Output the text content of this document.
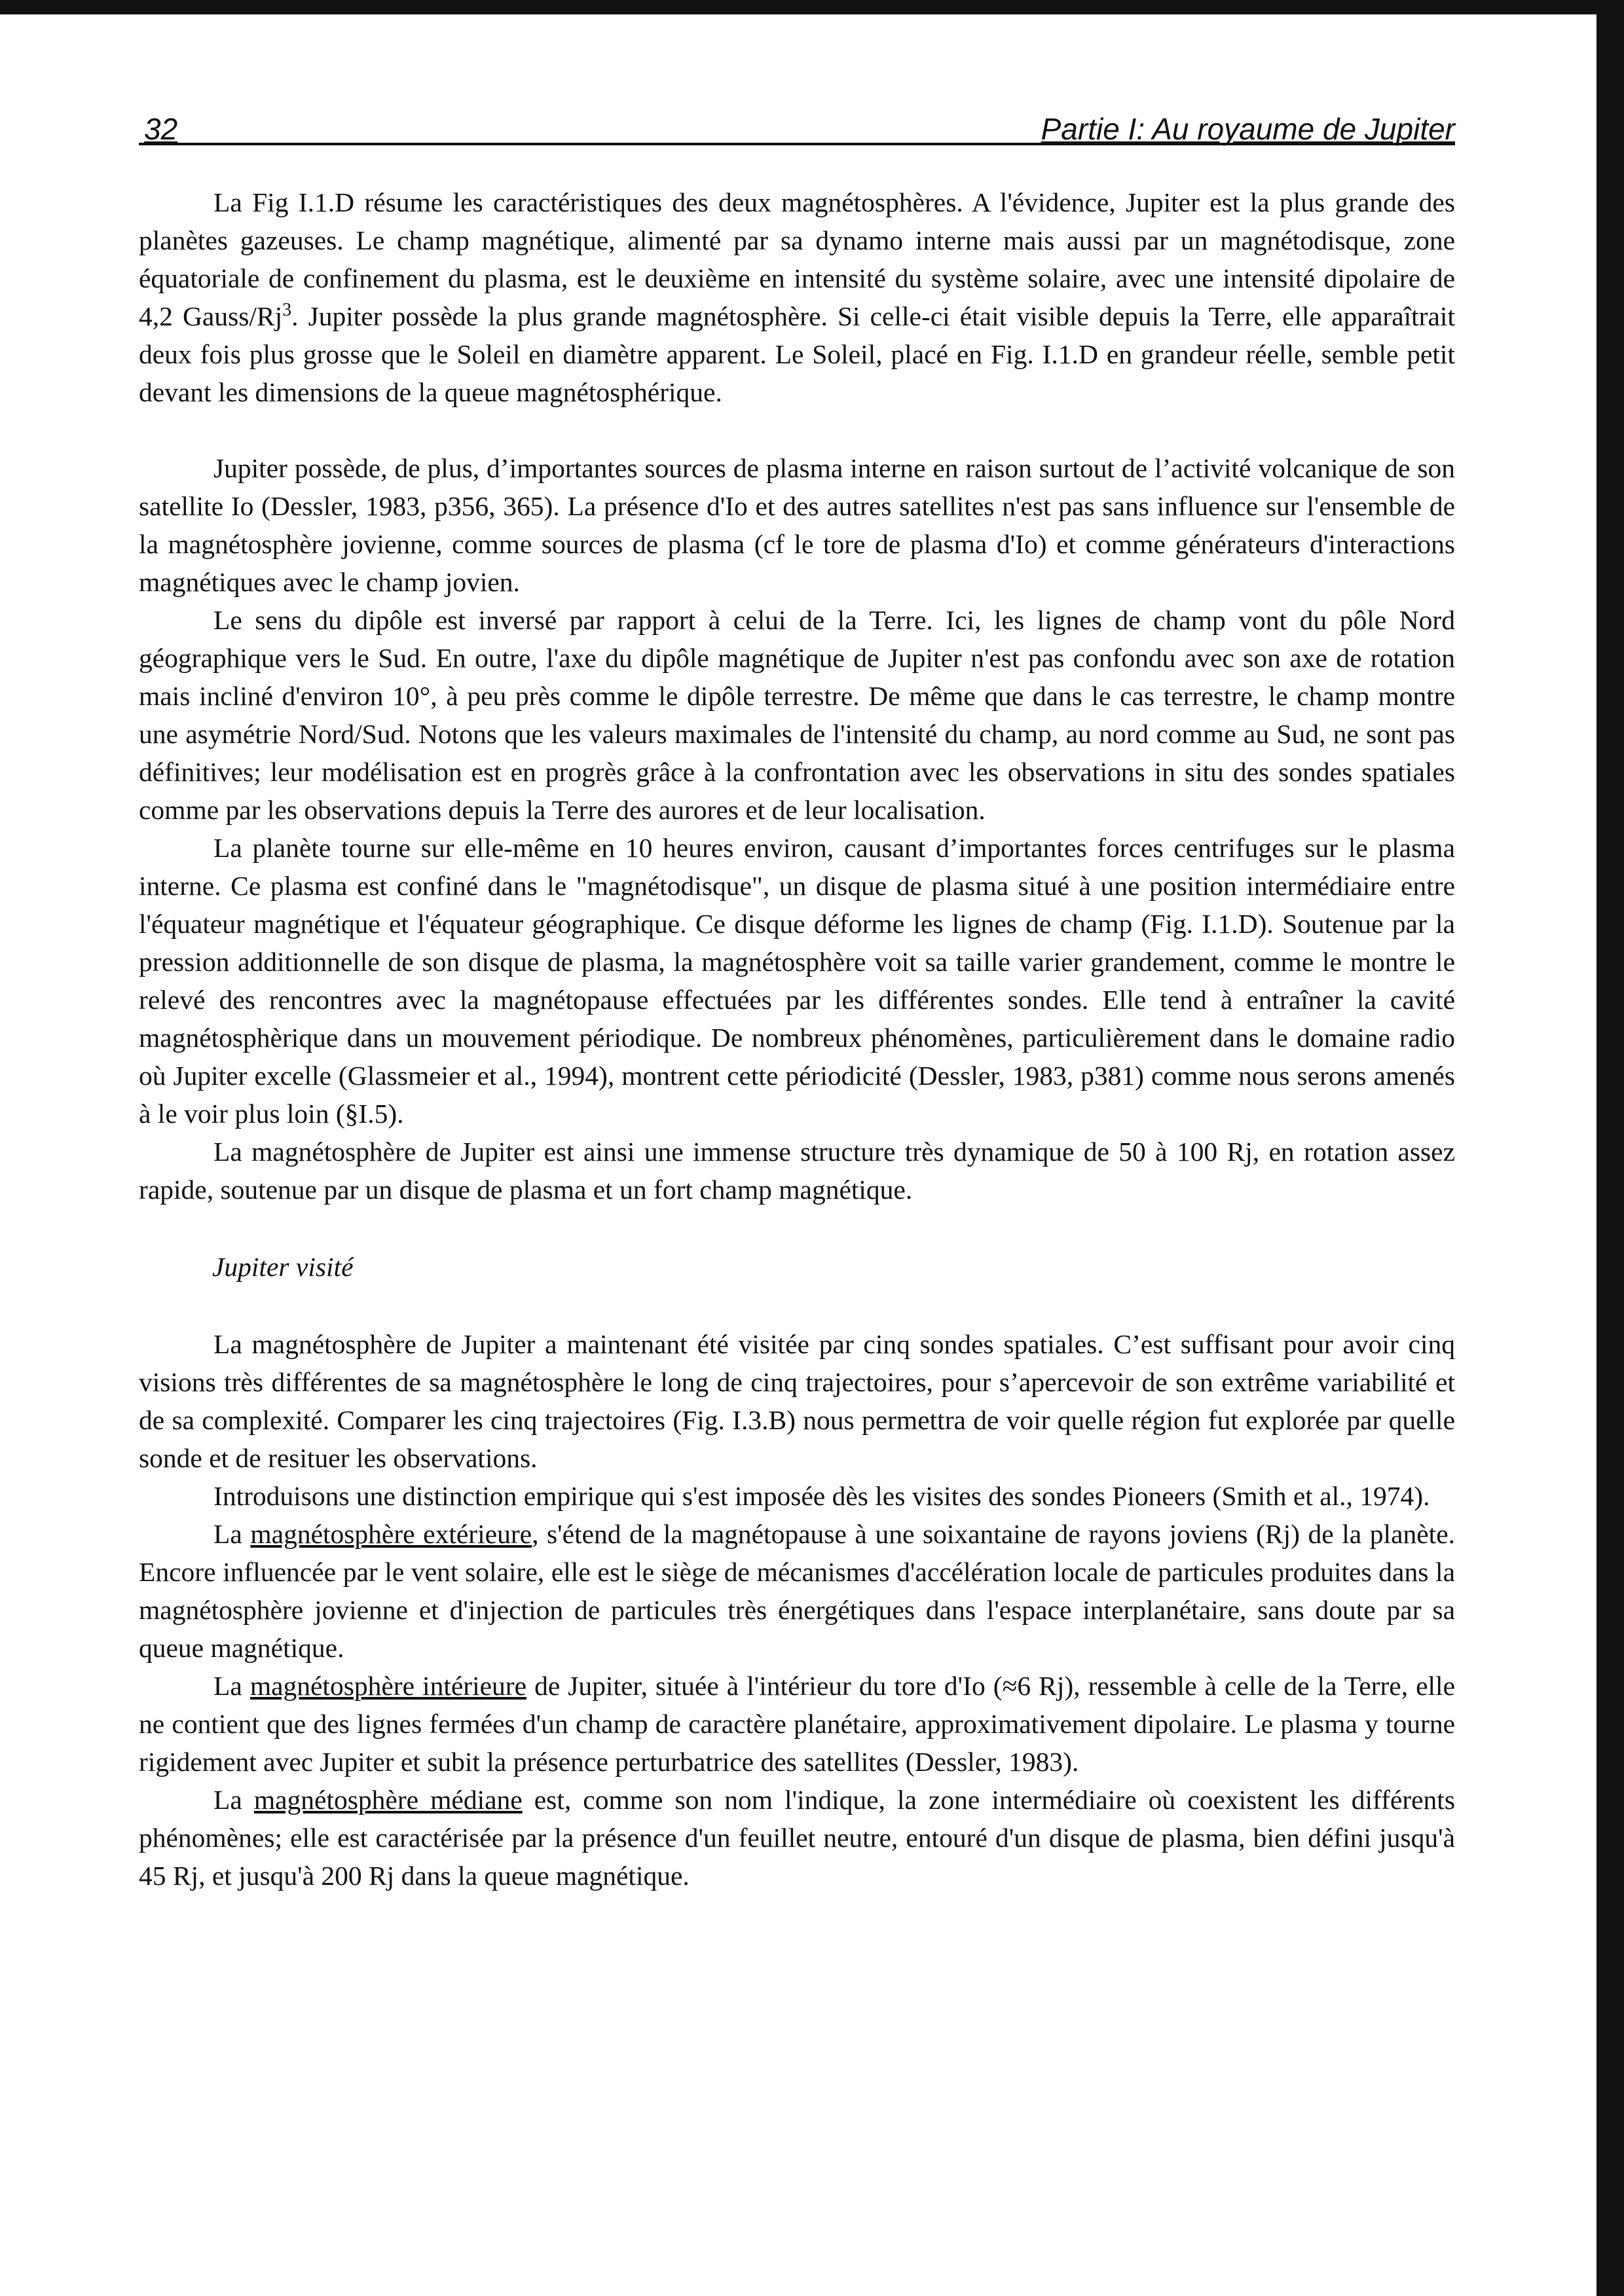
32	Partie I: Au royaume de Jupiter

La Fig I.1.D résume les caractéristiques des deux magnétosphères. A l'évidence, Jupiter est la plus grande des planètes gazeuses. Le champ magnétique, alimenté par sa dynamo interne mais aussi par un magnétodisque, zone équatoriale de confinement du plasma, est le deuxième en intensité du système solaire, avec une intensité dipolaire de 4,2 Gauss/Rj$^3$. Jupiter possède la plus grande magnétosphère. Si celle-ci était visible depuis la Terre, elle apparaîtrait deux fois plus grosse que le Soleil en diamètre apparent. Le Soleil, placé en Fig. I.1.D en grandeur réelle, semble petit devant les dimensions de la queue magnétosphérique.

Jupiter possède, de plus, d’importantes sources de plasma interne en raison surtout de l’activité volcanique de son satellite Io (Dessler, 1983, p356, 365). La présence d'Io et des autres satellites n'est pas sans influence sur l'ensemble de la magnétosphère jovienne, comme sources de plasma (cf le tore de plasma d'Io) et comme générateurs d'interactions magnétiques avec le champ jovien.

Le sens du dipôle est inversé par rapport à celui de la Terre. Ici, les lignes de champ vont du pôle Nord géographique vers le Sud. En outre, l'axe du dipôle magnétique de Jupiter n'est pas confondu avec son axe de rotation mais incliné d'environ 10°, à peu près comme le dipôle terrestre. De même que dans le cas terrestre, le champ montre une asymétrie Nord/Sud. Notons que les valeurs maximales de l'intensité du champ, au nord comme au Sud, ne sont pas définitives; leur modélisation est en progrès grâce à la confrontation avec les observations in situ des sondes spatiales comme par les observations depuis la Terre des aurores et de leur localisation.

La planète tourne sur elle-même en 10 heures environ, causant d’importantes forces centrifuges sur le plasma interne. Ce plasma est confiné dans le "magnétodisque", un disque de plasma situé à une position intermédiaire entre l'équateur magnétique et l'équateur géographique. Ce disque déforme les lignes de champ (Fig. I.1.D). Soutenue par la pression additionnelle de son disque de plasma, la magnétosphère voit sa taille varier grandement, comme le montre le relevé des rencontres avec la magnétopause effectuées par les différentes sondes. Elle tend à entraîner la cavité magnétosphèrique dans un mouvement périodique. De nombreux phénomènes, particulièrement dans le domaine radio où Jupiter excelle (Glassmeier et al., 1994), montrent cette périodicité (Dessler, 1983, p381) comme nous serons amenés à le voir plus loin (§I.5).

La magnétosphère de Jupiter est ainsi une immense structure très dynamique de 50 à 100 Rj, en rotation assez rapide, soutenue par un disque de plasma et un fort champ magnétique.

Jupiter visité

La magnétosphère de Jupiter a maintenant été visitée par cinq sondes spatiales. C’est suffisant pour avoir cinq visions très différentes de sa magnétosphère le long de cinq trajectoires, pour s’apercevoir de son extrême variabilité et de sa complexité. Comparer les cinq trajectoires (Fig. I.3.B) nous permettra de voir quelle région fut explorée par quelle sonde et de resituer les observations.

Introduisons une distinction empirique qui s'est imposée dès les visites des sondes Pioneers (Smith et al., 1974).

La magnétosphère extérieure, s'étend de la magnétopause à une soixantaine de rayons joviens (Rj) de la planète. Encore influencée par le vent solaire, elle est le siège de mécanismes d'accélération locale de particules produites dans la magnétosphère jovienne et d'injection de particules très énergétiques dans l'espace interplanétaire, sans doute par sa queue magnétique.

La magnétosphère intérieure de Jupiter, située à l'intérieur du tore d'Io (≈6 Rj), ressemble à celle de la Terre, elle ne contient que des lignes fermées d'un champ de caractère planétaire, approximativement dipolaire. Le plasma y tourne rigidement avec Jupiter et subit la présence perturbatrice des satellites (Dessler, 1983).

La magnétosphère médiane est, comme son nom l'indique, la zone intermédiaire où coexistent les différents phénomènes; elle est caractérisée par la présence d'un feuillet neutre, entouré d'un disque de plasma, bien défini jusqu'à 45 Rj, et jusqu'à 200 Rj dans la queue magnétique.
